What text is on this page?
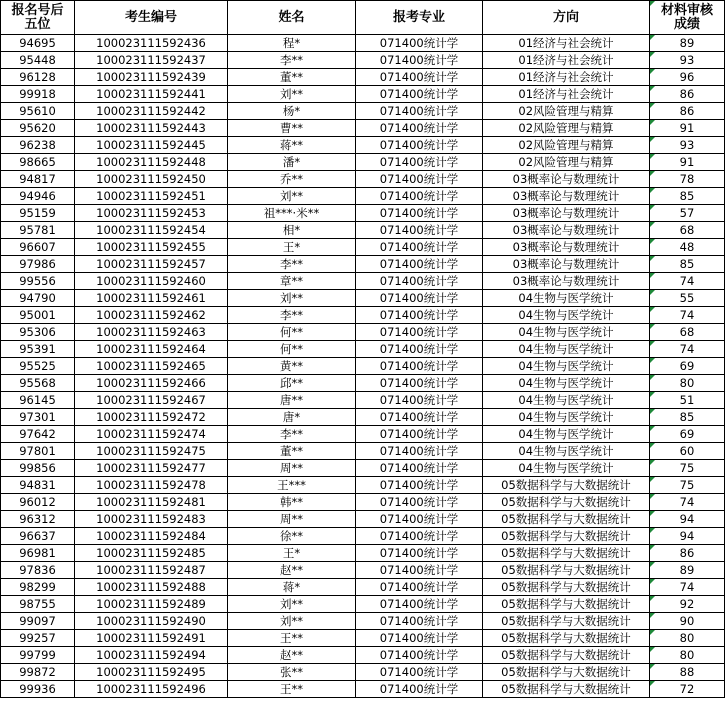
报名号后
五位	考生编号	姓名	报考专业	方向	材料审核
成绩

94695	100023111592436	程*	071400统计学	01经济与社会统计	89
95448	100023111592437	李**	071400统计学	01经济与社会统计	93
96128	100023111592439	董**	071400统计学	01经济与社会统计	96
99918	100023111592441	刘**	071400统计学	01经济与社会统计	86
95610	100023111592442	杨*	071400统计学	02风险管理与精算	86
95620	100023111592443	曹**	071400统计学	02风险管理与精算	91
96238	100023111592445	蒋**	071400统计学	02风险管理与精算	93
98665	100023111592448	潘*	071400统计学	02风险管理与精算	91
94817	100023111592450	乔**	071400统计学	03概率论与数理统计	78
94946	100023111592451	刘**	071400统计学	03概率论与数理统计	85
95159	100023111592453	祖***·米**	071400统计学	03概率论与数理统计	57
95781	100023111592454	相*	071400统计学	03概率论与数理统计	68
96607	100023111592455	王*	071400统计学	03概率论与数理统计	48
97986	100023111592457	李**	071400统计学	03概率论与数理统计	85
99556	100023111592460	章**	071400统计学	03概率论与数理统计	74
94790	100023111592461	刘**	071400统计学	04生物与医学统计	55
95001	100023111592462	李**	071400统计学	04生物与医学统计	74
95306	100023111592463	何**	071400统计学	04生物与医学统计	68
95391	100023111592464	何**	071400统计学	04生物与医学统计	74
95525	100023111592465	黄**	071400统计学	04生物与医学统计	69
95568	100023111592466	邱**	071400统计学	04生物与医学统计	80
96145	100023111592467	唐**	071400统计学	04生物与医学统计	51
97301	100023111592472	唐*	071400统计学	04生物与医学统计	85
97642	100023111592474	李**	071400统计学	04生物与医学统计	69
97801	100023111592475	董**	071400统计学	04生物与医学统计	60
99856	100023111592477	周**	071400统计学	04生物与医学统计	75
94831	100023111592478	王***	071400统计学	05数据科学与大数据统计	75
96012	100023111592481	韩**	071400统计学	05数据科学与大数据统计	74
96312	100023111592483	周**	071400统计学	05数据科学与大数据统计	94
96637	100023111592484	徐**	071400统计学	05数据科学与大数据统计	94
96981	100023111592485	王*	071400统计学	05数据科学与大数据统计	86
97836	100023111592487	赵**	071400统计学	05数据科学与大数据统计	89
98299	100023111592488	蒋*	071400统计学	05数据科学与大数据统计	74
98755	100023111592489	刘**	071400统计学	05数据科学与大数据统计	92
99097	100023111592490	刘**	071400统计学	05数据科学与大数据统计	90
99257	100023111592491	王**	071400统计学	05数据科学与大数据统计	80
99799	100023111592494	赵**	071400统计学	05数据科学与大数据统计	80
99872	100023111592495	张**	071400统计学	05数据科学与大数据统计	88
99936	100023111592496	王**	071400统计学	05数据科学与大数据统计	72
